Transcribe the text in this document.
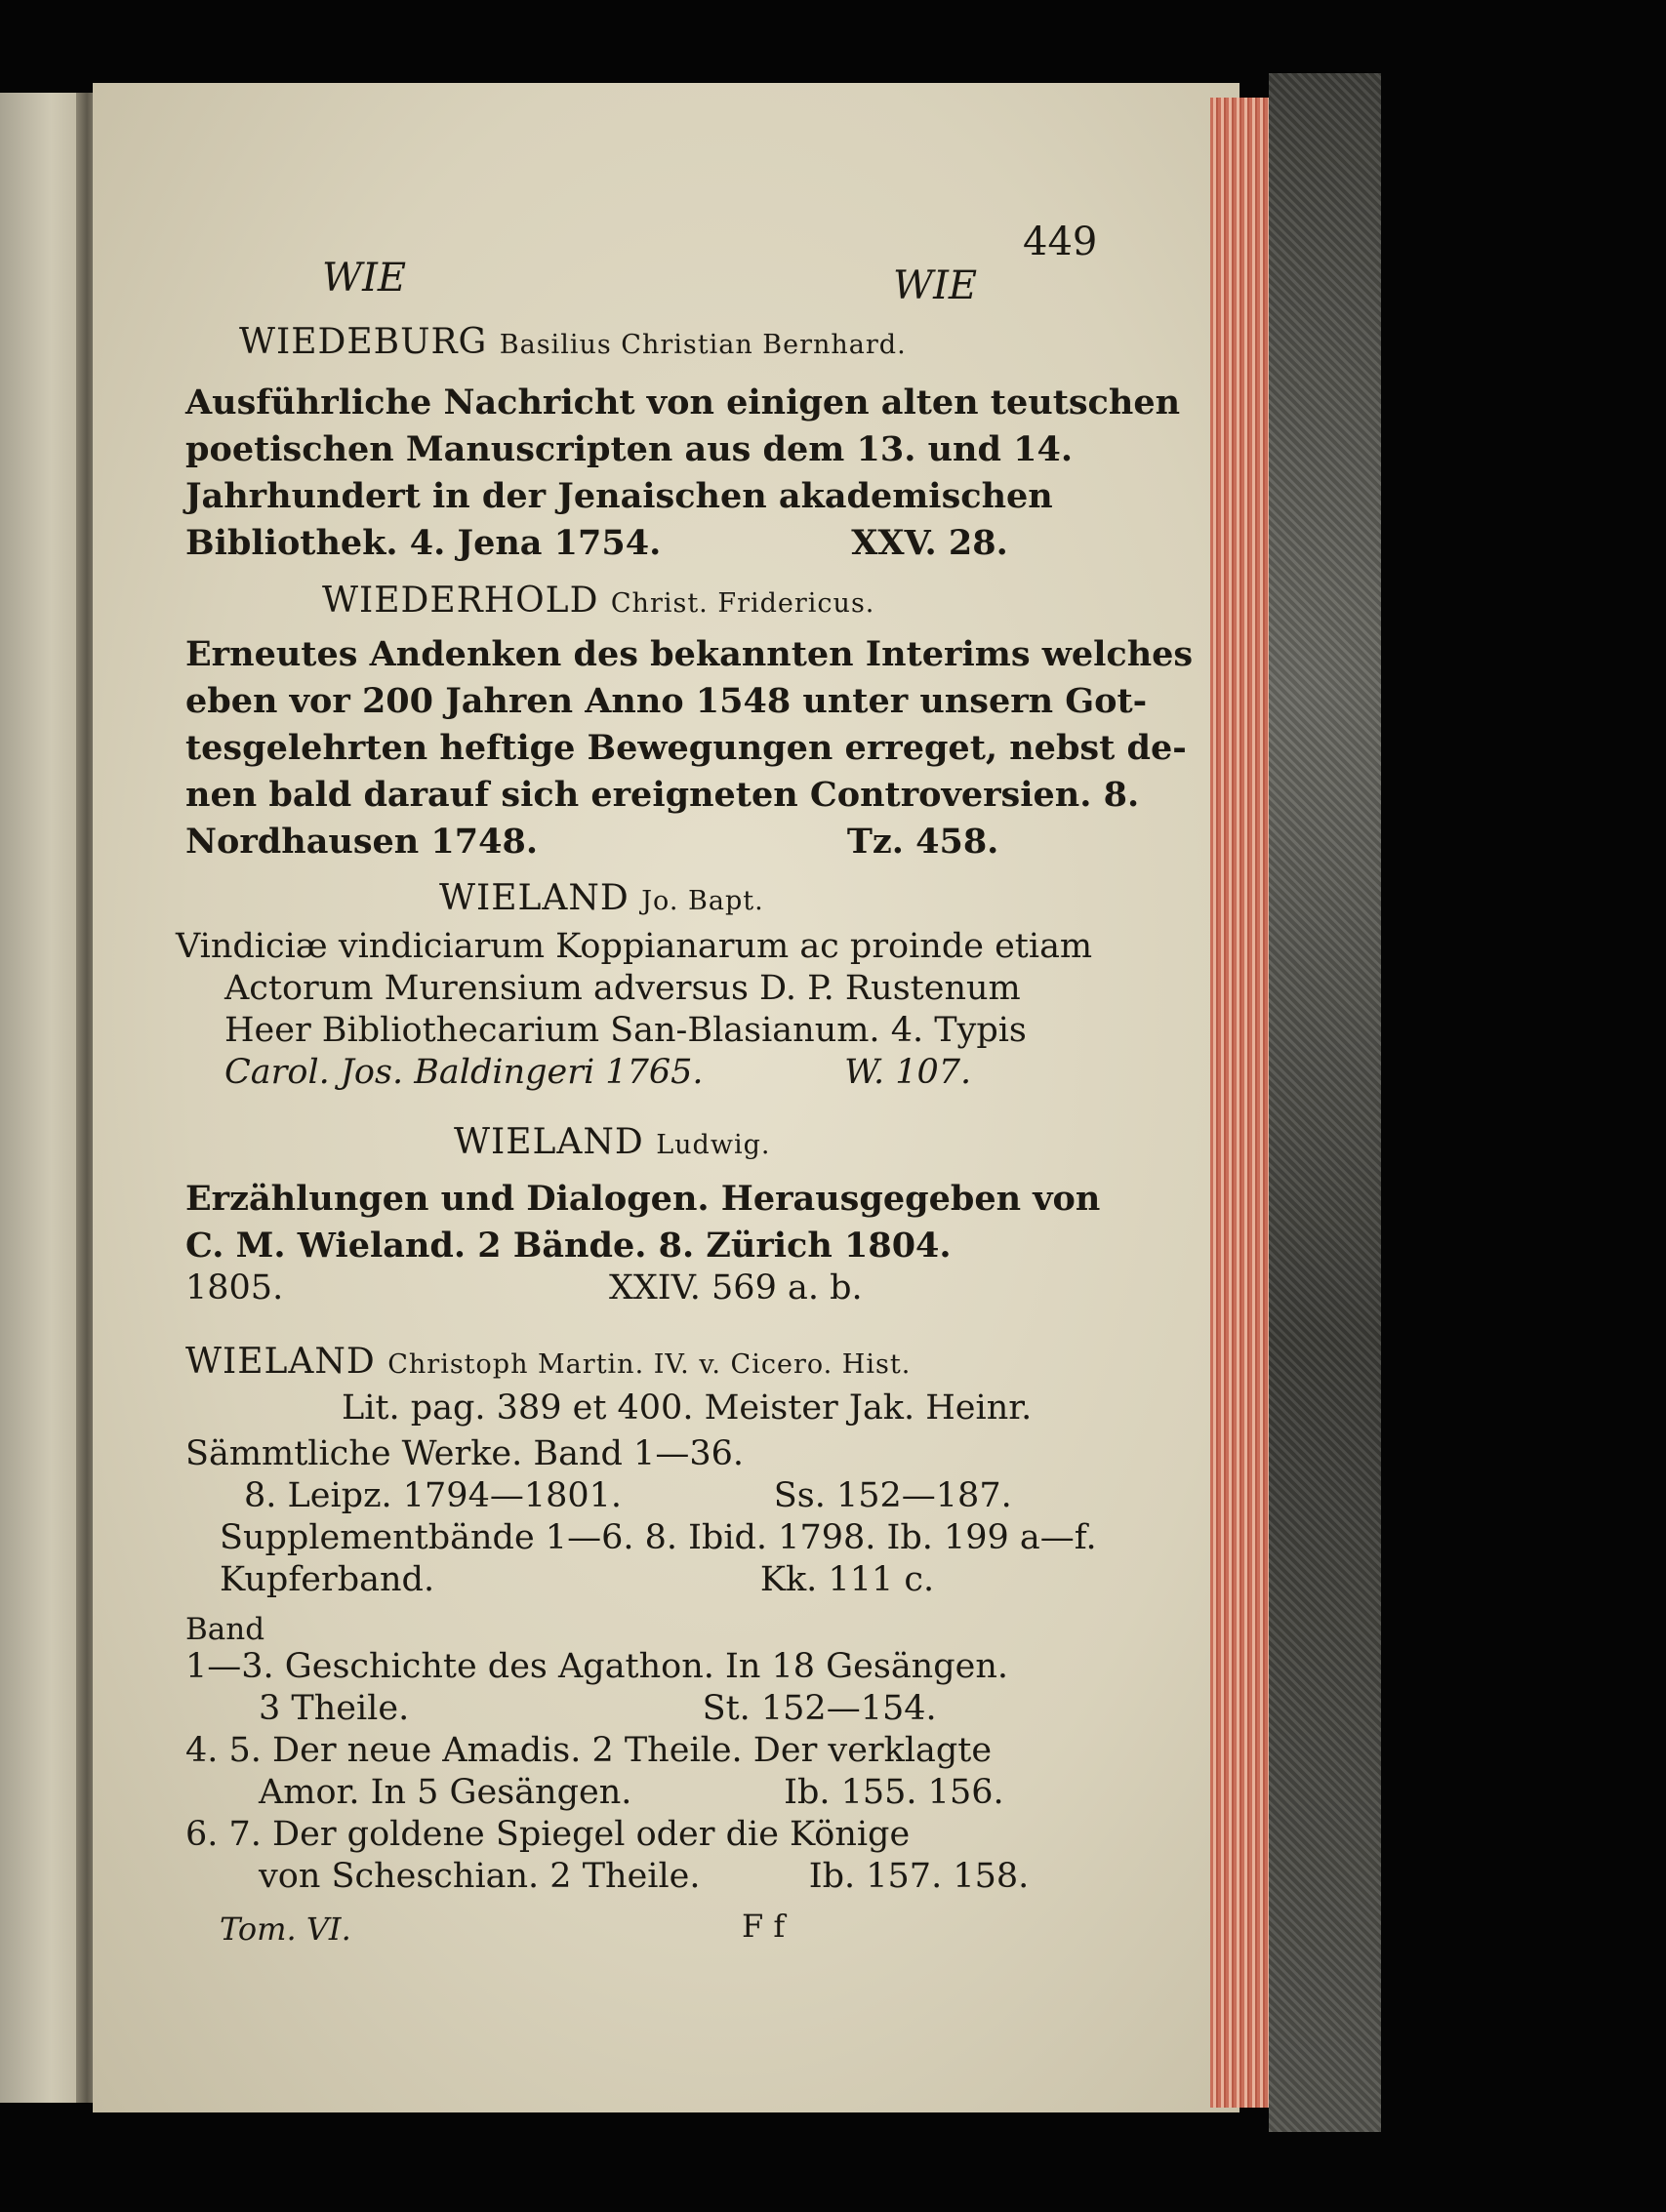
WIE	WIE
449
WIEDEBURG Basilius Christian Bernhard.
Ausführliche Nachricht von einigen alten teutschen
poetischen Manuscripten aus dem 13. und 14.
Jahrhundert in der Jenaischen akademischen
Bibliothek. 4. Jena 1754.                XXV. 28.
WIEDERHOLD Christ. Fridericus.
Erneutes Andenken des bekannten Interims welches
eben vor 200 Jahren Anno 1548 unter unsern Got-
tesgelehrten heftige Bewegungen erreget, nebst de-
nen bald darauf sich ereigneten Controversien. 8.
Nordhausen 1748.                          Tz. 458.
WIELAND Jo. Bapt.
Vindiciæ vindiciarum Koppianarum ac proinde etiam
Actorum Murensium adversus D. P. Rustenum
Heer Bibliothecarium San-Blasianum. 4. Typis
Carol. Jos. Baldingeri 1765.             W. 107.
WIELAND Ludwig.
Erzählungen und Dialogen. Herausgegeben von
C. M. Wieland. 2 Bände. 8. Zürich 1804.
1805.                              XXIV. 569 a. b.
WIELAND Christoph Martin. IV. v. Cicero. Hist.
Lit. pag. 389 et 400. Meister Jak. Heinr.
Sämmtliche Werke. Band 1—36.
8. Leipz. 1794—1801.              Ss. 152—187.
Supplementbände 1—6. 8. Ibid. 1798. Ib. 199 a—f.
Kupferband.                              Kk. 111 c.
Band
1—3. Geschichte des Agathon. In 18 Gesängen.
3 Theile.                           St. 152—154.
4. 5. Der neue Amadis. 2 Theile. Der verklagte
Amor. In 5 Gesängen.              Ib. 155. 156.
6. 7. Der goldene Spiegel oder die Könige
von Scheschian. 2 Theile.          Ib. 157. 158.
Tom. VI.	F f
